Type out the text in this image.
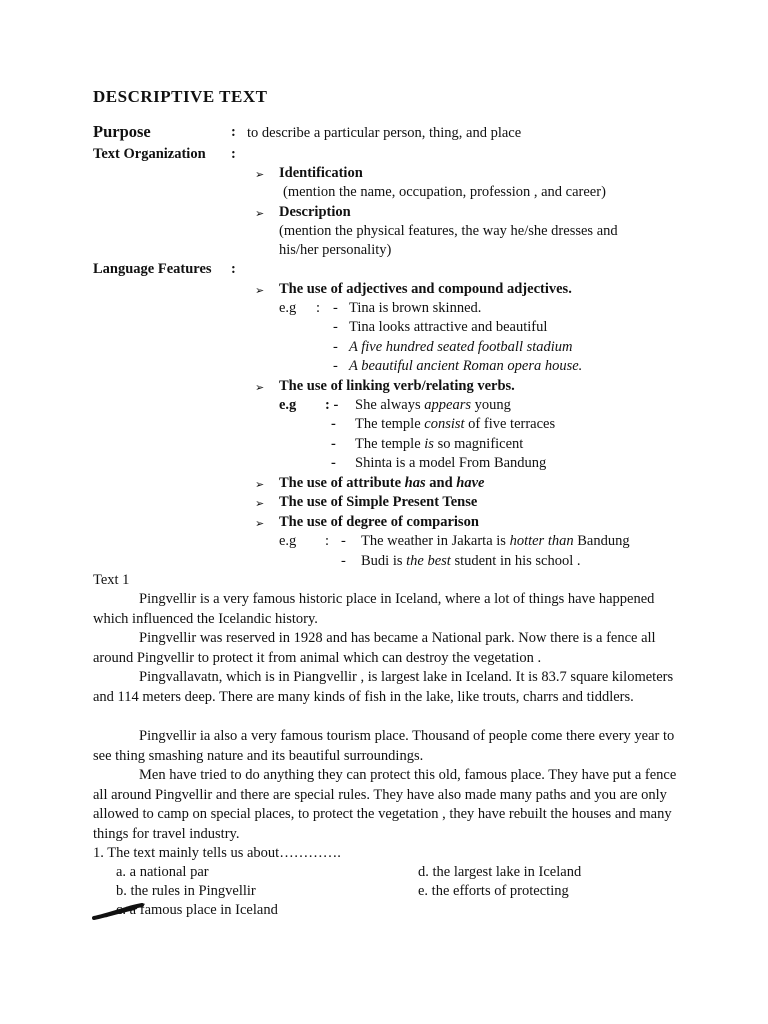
DESCRIPTIVE TEXT
Purpose	: to describe a particular person, thing, and place
Text Organization :
➢ Identification
(mention the name, occupation, profession , and career)
➢ Description
(mention the physical features, the way he/she dresses and
his/her personality)
Language Features :
➢ The use of adjectives and compound adjectives.
e.g : - Tina is brown skinned.
- Tina looks attractive and beautiful
- A five hundred seated football stadium
- A beautiful ancient Roman opera house.
➢ The use of linking verb/relating verbs.
e.g : - She always appears young
- The temple consist of five terraces
- The temple is so magnificent
- Shinta is a model From Bandung
➢ The use of attribute has and have
➢ The use of Simple Present Tense
➢ The use of degree of comparison
e.g : - The weather in Jakarta is hotter than Bandung
- Budi is the best student in his school .
Text 1
Pingvellir is a very famous historic place in Iceland, where a lot of things have happened which influenced the Icelandic history.
Pingvellir was reserved in 1928 and has became a National park. Now there is a fence all around Pingvellir to protect it from animal which can destroy the vegetation .
Pingvallavatn, which is in Piangvellir , is largest lake in Iceland. It is 83.7 square kilometers and 114 meters deep. There are many kinds of fish in the lake, like trouts, charrs and tiddlers.
Pingvellir ia also a very famous tourism place. Thousand of people come there every year to see thing smashing nature and its beautiful surroundings.
Men have tried to do anything they can protect this old, famous place. They have put a fence all around Pingvellir and there are special rules. They have also made many paths and you are only allowed to camp on special places, to protect the vegetation , they have rebuilt the houses and many things for travel industry.
1. The text mainly tells us about………….
a. a national par
b. the rules in Pingvellir
c. a famous place in Iceland
d. the largest lake in Iceland
e. the efforts of protecting
